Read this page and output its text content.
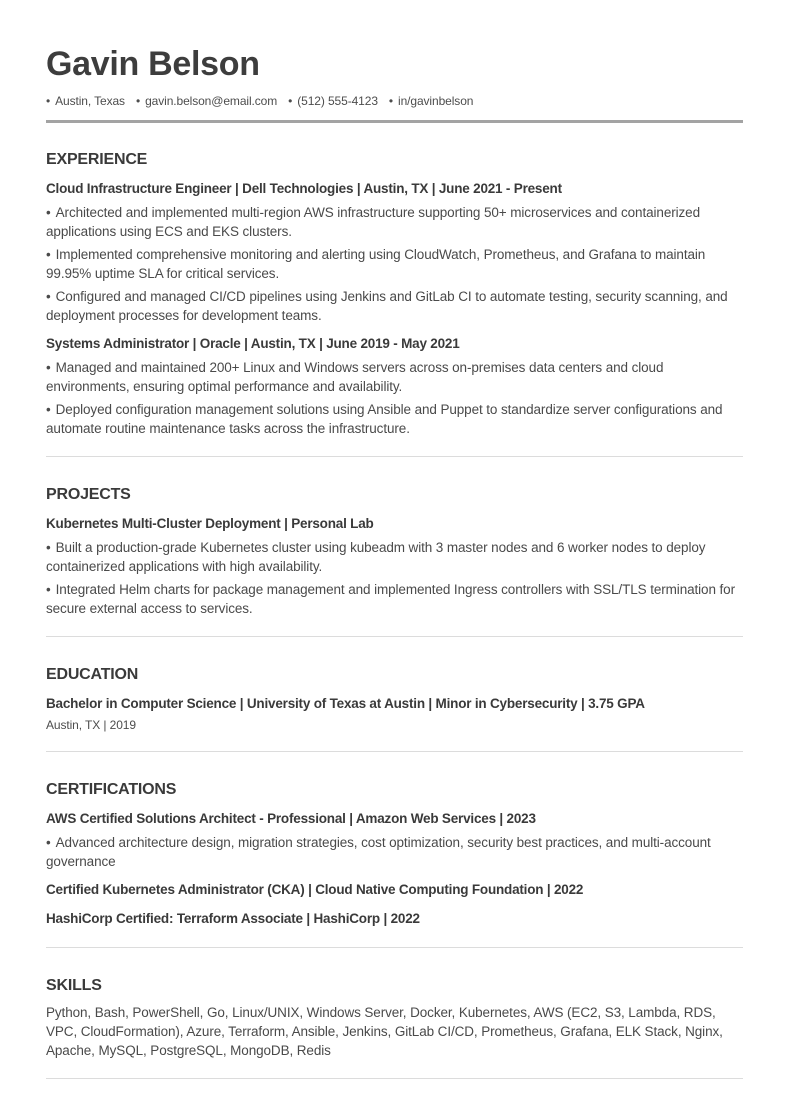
Gavin Belson
• Austin, Texas • gavin.belson@email.com • (512) 555-4123 • in/gavinbelson
EXPERIENCE
Cloud Infrastructure Engineer | Dell Technologies | Austin, TX | June 2021 - Present

• Architected and implemented multi-region AWS infrastructure supporting 50+ microservices and containerized applications using ECS and EKS clusters.

• Implemented comprehensive monitoring and alerting using CloudWatch, Prometheus, and Grafana to maintain 99.95% uptime SLA for critical services.

• Configured and managed CI/CD pipelines using Jenkins and GitLab CI to automate testing, security scanning, and deployment processes for development teams.

Systems Administrator | Oracle | Austin, TX | June 2019 - May 2021

• Managed and maintained 200+ Linux and Windows servers across on-premises data centers and cloud environments, ensuring optimal performance and availability.

• Deployed configuration management solutions using Ansible and Puppet to standardize server configurations and automate routine maintenance tasks across the infrastructure.

PROJECTS
Kubernetes Multi-Cluster Deployment | Personal Lab

• Built a production-grade Kubernetes cluster using kubeadm with 3 master nodes and 6 worker nodes to deploy containerized applications with high availability.

• Integrated Helm charts for package management and implemented Ingress controllers with SSL/TLS termination for secure external access to services.

EDUCATION
Bachelor in Computer Science | University of Texas at Austin | Minor in Cybersecurity | 3.75 GPA
Austin, TX | 2019
CERTIFICATIONS
AWS Certified Solutions Architect - Professional | Amazon Web Services | 2023

• Advanced architecture design, migration strategies, cost optimization, security best practices, and multi-account governance

Certified Kubernetes Administrator (CKA) | Cloud Native Computing Foundation | 2022
HashiCorp Certified: Terraform Associate | HashiCorp | 2022
SKILLS

Python, Bash, PowerShell, Go, Linux/UNIX, Windows Server, Docker, Kubernetes, AWS (EC2, S3, Lambda, RDS, VPC, CloudFormation), Azure, Terraform, Ansible, Jenkins, GitLab CI/CD, Prometheus, Grafana, ELK Stack, Nginx, Apache, MySQL, PostgreSQL, MongoDB, Redis
